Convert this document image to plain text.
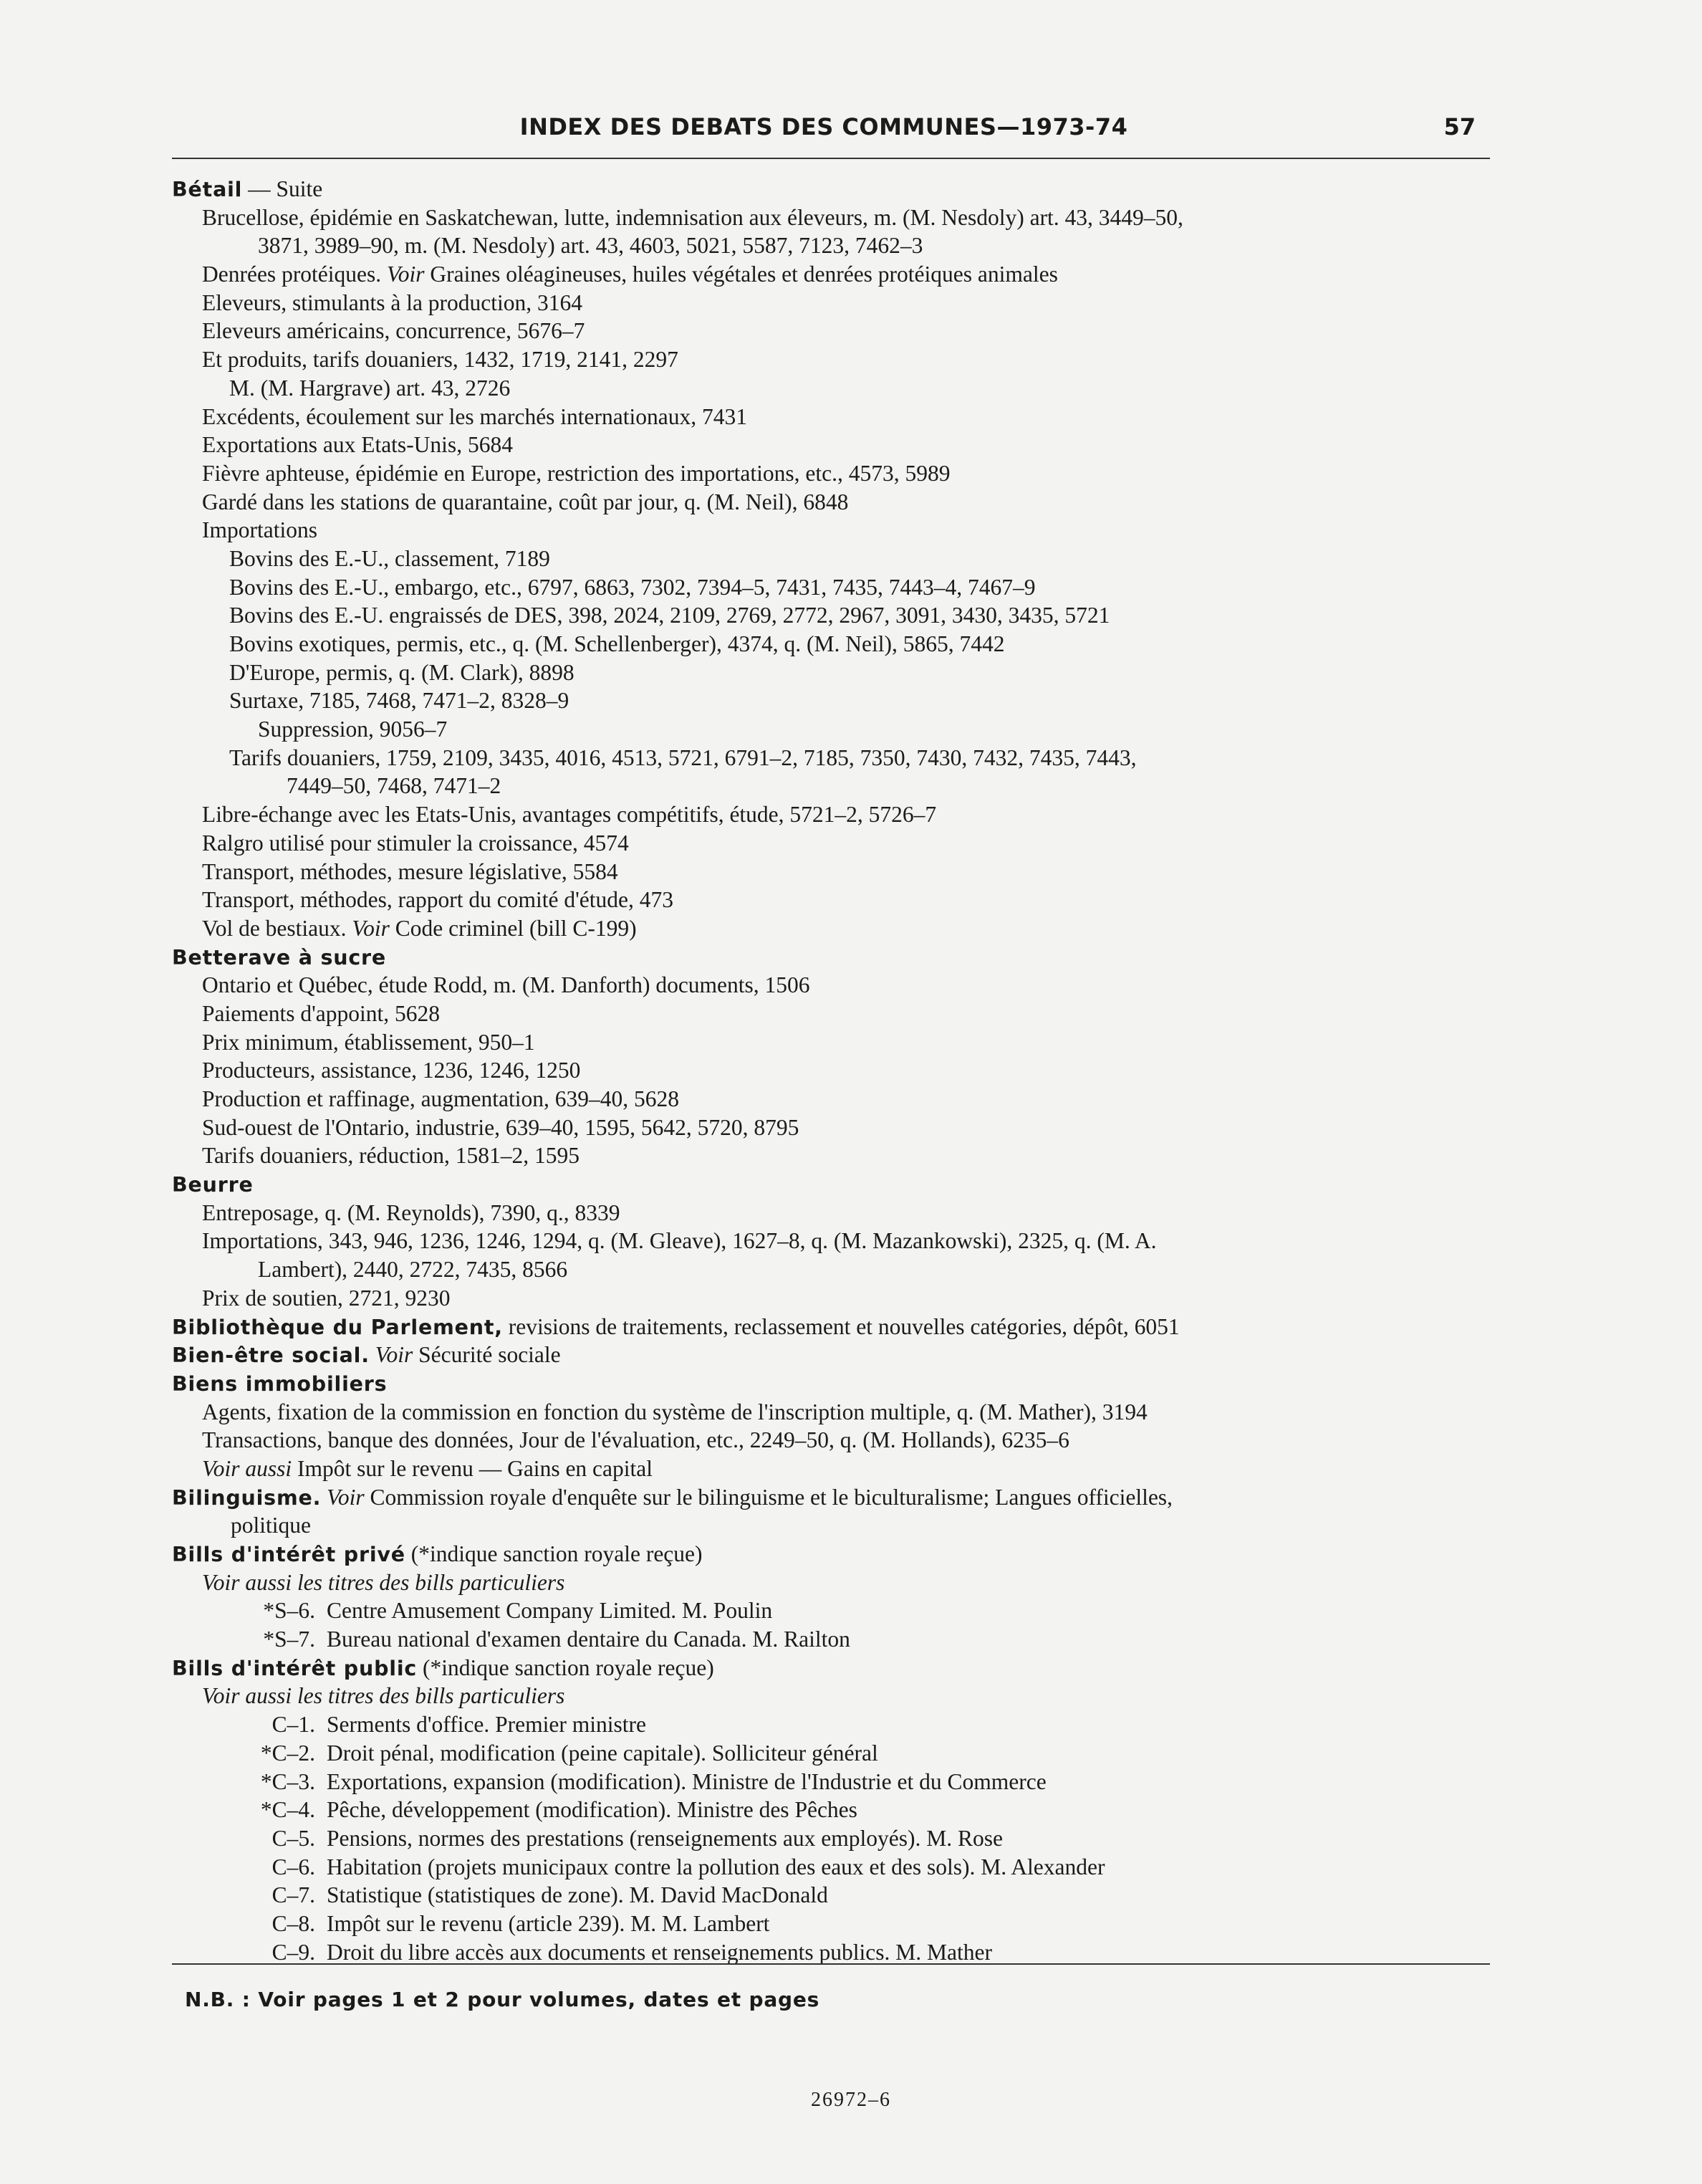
INDEX DES DEBATS DES COMMUNES—1973-74	57
Bétail — Suite
Brucellose, épidémie en Saskatchewan, lutte, indemnisation aux éleveurs, m. (M. Nesdoly) art. 43, 3449–50,
3871, 3989–90, m. (M. Nesdoly) art. 43, 4603, 5021, 5587, 7123, 7462–3
Denrées protéiques. Voir Graines oléagineuses, huiles végétales et denrées protéiques animales
Eleveurs, stimulants à la production, 3164
Eleveurs américains, concurrence, 5676–7
Et produits, tarifs douaniers, 1432, 1719, 2141, 2297
M. (M. Hargrave) art. 43, 2726
Excédents, écoulement sur les marchés internationaux, 7431
Exportations aux Etats-Unis, 5684
Fièvre aphteuse, épidémie en Europe, restriction des importations, etc., 4573, 5989
Gardé dans les stations de quarantaine, coût par jour, q. (M. Neil), 6848
Importations
Bovins des E.-U., classement, 7189
Bovins des E.-U., embargo, etc., 6797, 6863, 7302, 7394–5, 7431, 7435, 7443–4, 7467–9
Bovins des E.-U. engraissés de DES, 398, 2024, 2109, 2769, 2772, 2967, 3091, 3430, 3435, 5721
Bovins exotiques, permis, etc., q. (M. Schellenberger), 4374, q. (M. Neil), 5865, 7442
D'Europe, permis, q. (M. Clark), 8898
Surtaxe, 7185, 7468, 7471–2, 8328–9
Suppression, 9056–7
Tarifs douaniers, 1759, 2109, 3435, 4016, 4513, 5721, 6791–2, 7185, 7350, 7430, 7432, 7435, 7443,
7449–50, 7468, 7471–2
Libre-échange avec les Etats-Unis, avantages compétitifs, étude, 5721–2, 5726–7
Ralgro utilisé pour stimuler la croissance, 4574
Transport, méthodes, mesure législative, 5584
Transport, méthodes, rapport du comité d'étude, 473
Vol de bestiaux. Voir Code criminel (bill C-199)
Betterave à sucre
Ontario et Québec, étude Rodd, m. (M. Danforth) documents, 1506
Paiements d'appoint, 5628
Prix minimum, établissement, 950–1
Producteurs, assistance, 1236, 1246, 1250
Production et raffinage, augmentation, 639–40, 5628
Sud-ouest de l'Ontario, industrie, 639–40, 1595, 5642, 5720, 8795
Tarifs douaniers, réduction, 1581–2, 1595
Beurre
Entreposage, q. (M. Reynolds), 7390, q., 8339
Importations, 343, 946, 1236, 1246, 1294, q. (M. Gleave), 1627–8, q. (M. Mazankowski), 2325, q. (M. A.
Lambert), 2440, 2722, 7435, 8566
Prix de soutien, 2721, 9230
Bibliothèque du Parlement, revisions de traitements, reclassement et nouvelles catégories, dépôt, 6051
Bien-être social. Voir Sécurité sociale
Biens immobiliers
Agents, fixation de la commission en fonction du système de l'inscription multiple, q. (M. Mather), 3194
Transactions, banque des données, Jour de l'évaluation, etc., 2249–50, q. (M. Hollands), 6235–6
Voir aussi Impôt sur le revenu — Gains en capital
Bilinguisme. Voir Commission royale d'enquête sur le bilinguisme et le biculturalisme; Langues officielles,
politique
Bills d'intérêt privé (*indique sanction royale reçue)
Voir aussi les titres des bills particuliers
*S–6. Centre Amusement Company Limited. M. Poulin
*S–7. Bureau national d'examen dentaire du Canada. M. Railton
Bills d'intérêt public (*indique sanction royale reçue)
Voir aussi les titres des bills particuliers
C–1. Serments d'office. Premier ministre
*C–2. Droit pénal, modification (peine capitale). Solliciteur général
*C–3. Exportations, expansion (modification). Ministre de l'Industrie et du Commerce
*C–4. Pêche, développement (modification). Ministre des Pêches
C–5. Pensions, normes des prestations (renseignements aux employés). M. Rose
C–6. Habitation (projets municipaux contre la pollution des eaux et des sols). M. Alexander
C–7. Statistique (statistiques de zone). M. David MacDonald
C–8. Impôt sur le revenu (article 239). M. M. Lambert
C–9. Droit du libre accès aux documents et renseignements publics. M. Mather
N.B. : Voir pages 1 et 2 pour volumes, dates et pages
26972–6
